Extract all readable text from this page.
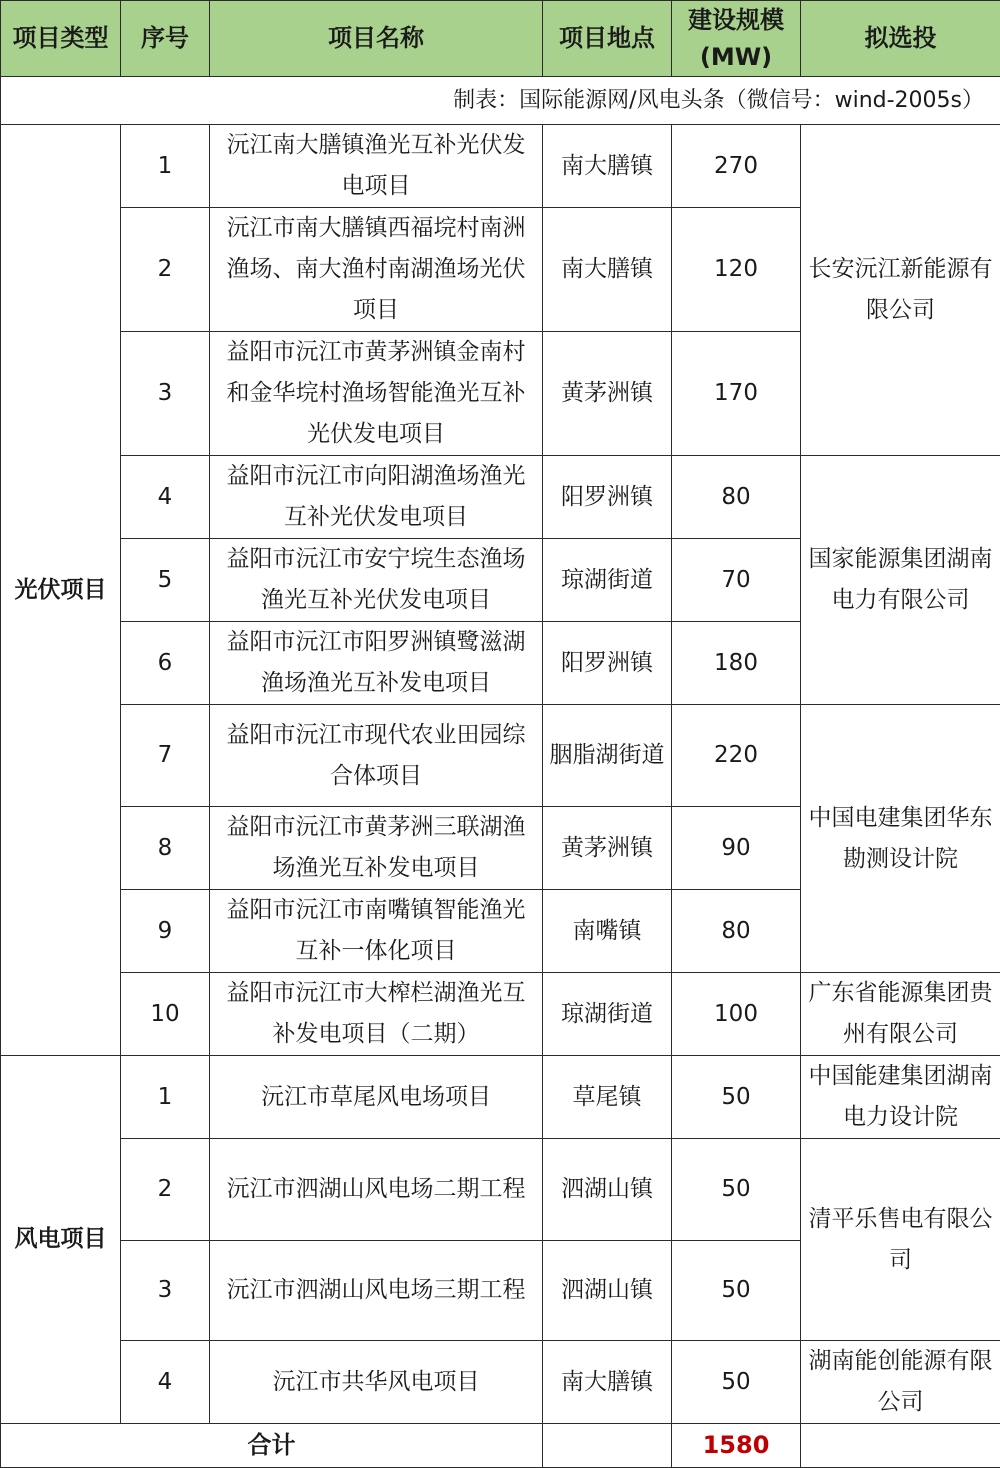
项目类型	序号	项目名称	项目地点	建设规模(MW)	拟选投
制表：国际能源网/风电头条（微信号：wind-2005s）					
光伏项目	1	沅江南大膳镇渔光互补光伏发电项目	南大膳镇	270	长安沅江新能源有限公司
	2	沅江市南大膳镇西福垸村南洲渔场、南大渔村南湖渔场光伏项目	南大膳镇	120	
	3	益阳市沅江市黄茅洲镇金南村和金华垸村渔场智能渔光互补光伏发电项目	黄茅洲镇	170	
	4	益阳市沅江市向阳湖渔场渔光互补光伏发电项目	阳罗洲镇	80	国家能源集团湖南电力有限公司
	5	益阳市沅江市安宁垸生态渔场渔光互补光伏发电项目	琼湖街道	70	
	6	益阳市沅江市阳罗洲镇鹭滋湖渔场渔光互补发电项目	阳罗洲镇	180	
	7	益阳市沅江市现代农业田园综合体项目	胭脂湖街道	220	中国电建集团华东勘测设计院
	8	益阳市沅江市黄茅洲三联湖渔场渔光互补发电项目	黄茅洲镇	90	
	9	益阳市沅江市南嘴镇智能渔光互补一体化项目	南嘴镇	80	
	10	益阳市沅江市大榨栏湖渔光互补发电项目（二期）	琼湖街道	100	广东省能源集团贵州有限公司
风电项目	1	沅江市草尾风电场项目	草尾镇	50	中国能建集团湖南电力设计院
	2	沅江市泗湖山风电场二期工程	泗湖山镇	50	清平乐售电有限公司
	3	沅江市泗湖山风电场三期工程	泗湖山镇	50	
	4	沅江市共华风电项目	南大膳镇	50	湖南能创能源有限公司
合计				1580	
